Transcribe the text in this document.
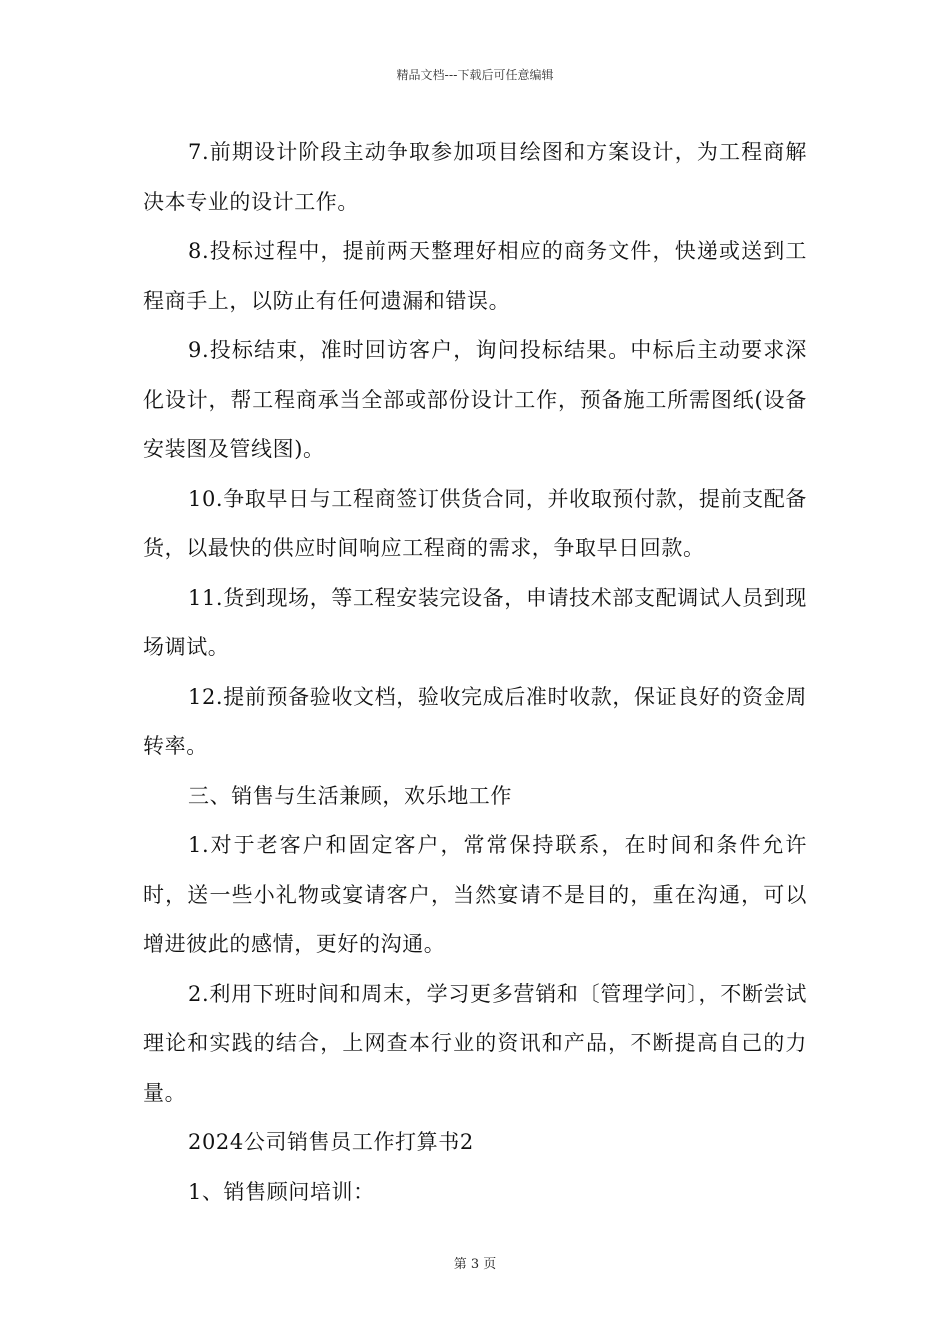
精品文档---下载后可任意编辑

7.前期设计阶段主动争取参加项目绘图和方案设计，为工程商解决本专业的设计工作。

8.投标过程中，提前两天整理好相应的商务文件，快递或送到工程商手上，以防止有任何遗漏和错误。

9.投标结束，准时回访客户，询问投标结果。中标后主动要求深化设计，帮工程商承当全部或部份设计工作，预备施工所需图纸(设备安装图及管线图)。

10.争取早日与工程商签订供货合同，并收取预付款，提前支配备货，以最快的供应时间响应工程商的需求，争取早日回款。

11.货到现场，等工程安装完设备，申请技术部支配调试人员到现场调试。

12.提前预备验收文档，验收完成后准时收款，保证良好的资金周转率。

三、销售与生活兼顾，欢乐地工作

1.对于老客户和固定客户，常常保持联系，在时间和条件允许时，送一些小礼物或宴请客户，当然宴请不是目的，重在沟通，可以增进彼此的感情，更好的沟通。

2.利用下班时间和周末，学习更多营销和〔管理学问〕，不断尝试理论和实践的结合，上网查本行业的资讯和产品，不断提高自己的力量。

2024公司销售员工作打算书2

1、销售顾问培训：

第 3 页
